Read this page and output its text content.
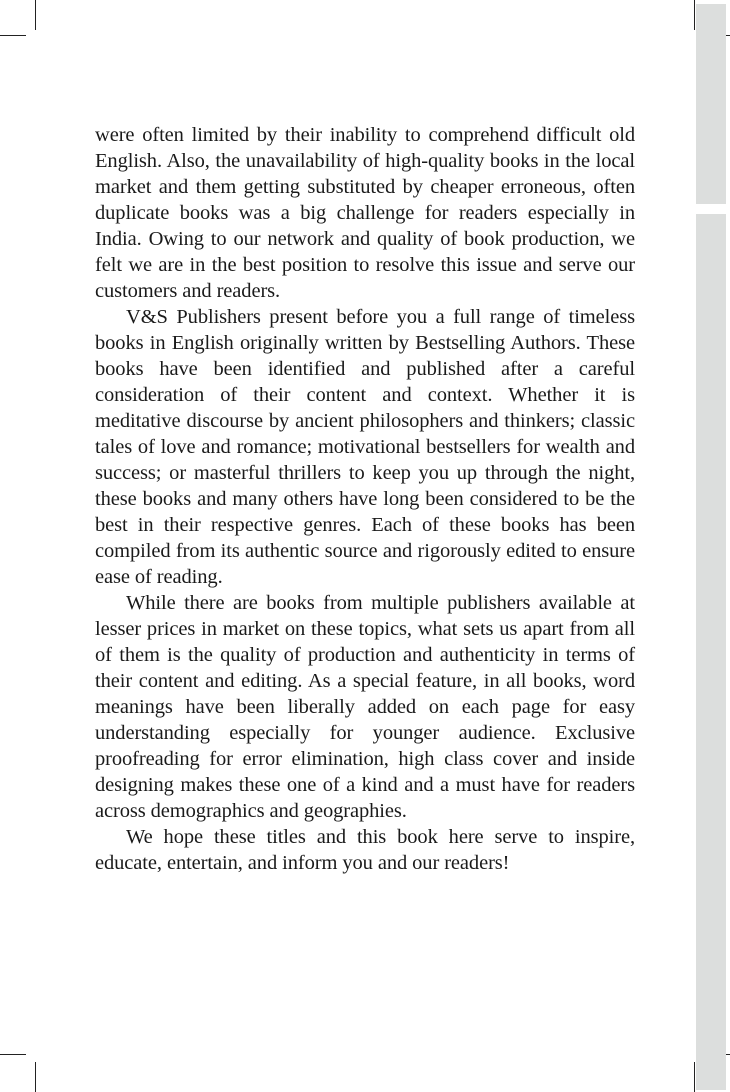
were often limited by their inability to comprehend difficult old English. Also, the unavailability of high-quality books in the local market and them getting substituted by cheaper erroneous, often duplicate books was a big challenge for readers especially in India. Owing to our network and quality of book production, we felt we are in the best position to resolve this issue and serve our customers and readers.

V&S Publishers present before you a full range of timeless books in English originally written by Bestselling Authors. These books have been identified and published after a careful consideration of their content and context. Whether it is meditative discourse by ancient philosophers and thinkers; classic tales of love and romance; motivational bestsellers for wealth and success; or masterful thrillers to keep you up through the night, these books and many others have long been considered to be the best in their respective genres. Each of these books has been compiled from its authentic source and rigorously edited to ensure ease of reading.

While there are books from multiple publishers available at lesser prices in market on these topics, what sets us apart from all of them is the quality of production and authenticity in terms of their content and editing. As a special feature, in all books, word meanings have been liberally added on each page for easy understanding especially for younger audience. Exclusive proofreading for error elimination, high class cover and inside designing makes these one of a kind and a must have for readers across demographics and geographies.

We hope these titles and this book here serve to inspire, educate, entertain, and inform you and our readers!
